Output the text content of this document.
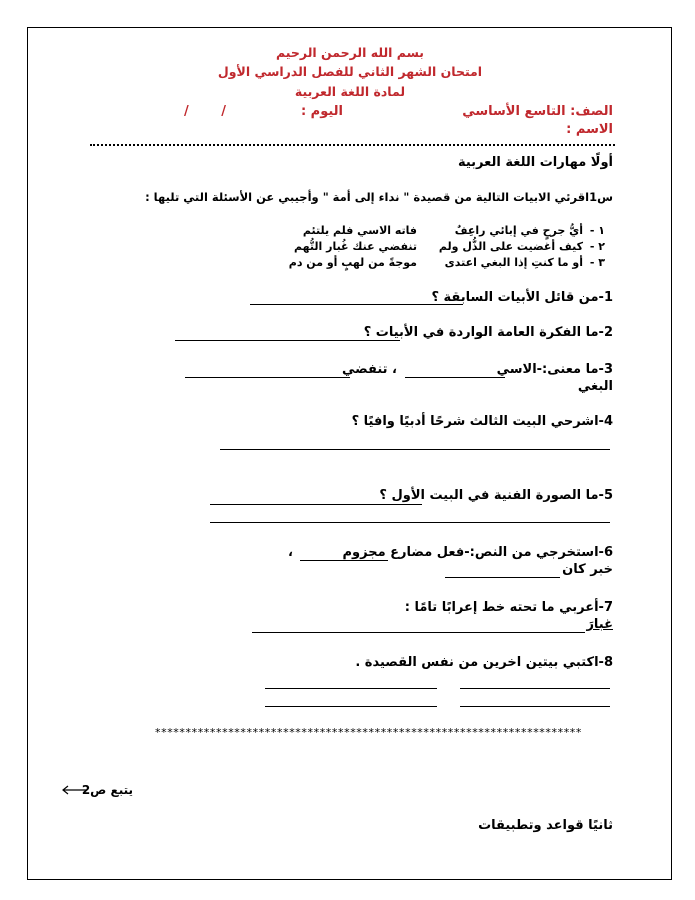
بسم الله الرحمن الرحيم
امتحان الشهر الثاني للفصل الدراسي الأول
لمادة اللغة العربية
الصف: التاسع الأساسي
اليوم :
/ /
الاسم :
أولًا مهارات اللغة العربية
س1اقرئي الابيات التالية من قصيدة " نداء إلى أمة " وأجيبي عن الأسئلة التي تليها :
١ -
أيُّ جرحٍ في إبائي راعِفٌ
فاته الاسي فلم يلتئم
٢ -
كيف أغضيت على الذُّل ولم
تنفضي عنك غُبار التُّهم
٣ -
أو ما كنتِ إذا البغي اعتدى
موجةً من لهبٍ أو من دم
1-من قائل الأبيات السابقة ؟
2-ما الفكرة العامة الواردة في الأبيات ؟
3-ما معنى:-الاسي
، تنفضي
البغي
4-اشرحي البيت الثالث شرحًا أدبيًا وافيًا ؟
5-ما الصورة الفنية في البيت الأول ؟
6-استخرجي من النص:-فعل مضارع مجزوم
،
خبر كان
7-أعربي ما تحته خط إعرابًا تامًا :
غبارَ
8-اكتبي بيتين اخرين من نفس القصيدة .
**********************************************************************
يتبع ص2
ثانيًا قواعد وتطبيقات
